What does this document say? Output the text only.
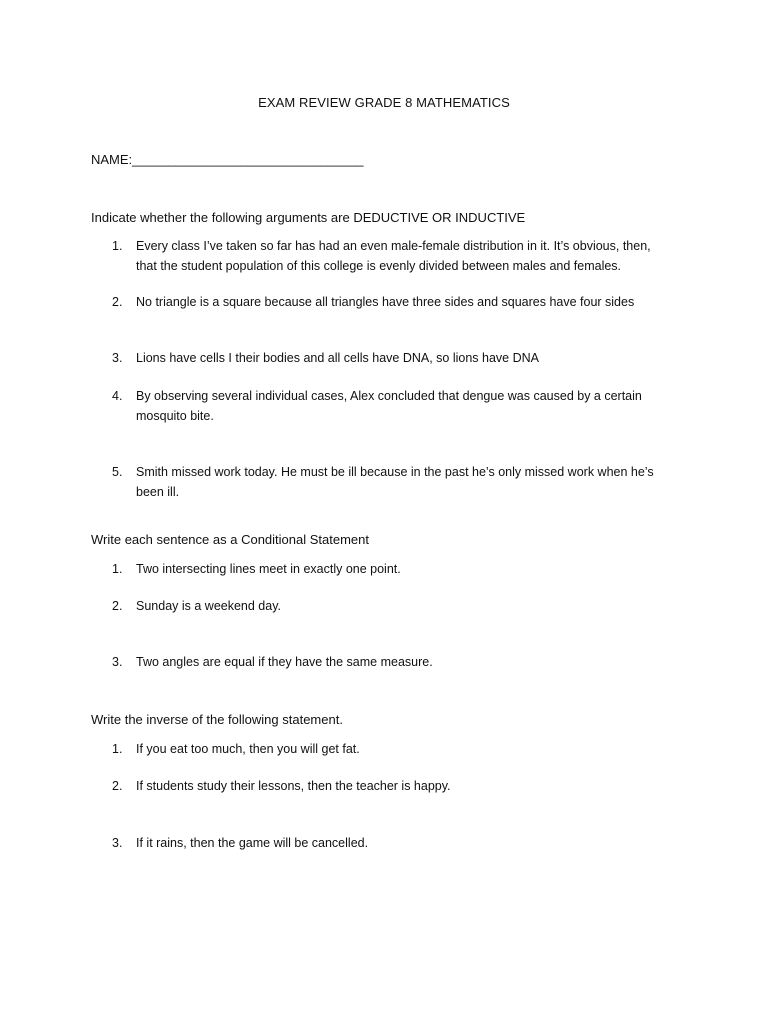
EXAM REVIEW GRADE 8 MATHEMATICS
NAME:________________________________
Indicate whether the following arguments are DEDUCTIVE OR INDUCTIVE
1. Every class I’ve taken so far has had an even male-female distribution in it. It’s obvious, then, that the student population of this college is evenly divided between males and females.
2. No triangle is a square because all triangles have three sides and squares have four sides
3. Lions have cells I their bodies and all cells have DNA, so lions have DNA
4. By observing several individual cases, Alex concluded that dengue was caused by a certain mosquito bite.
5. Smith missed work today. He must be ill because in the past he’s only missed work when he’s been ill.
Write each sentence as a Conditional Statement
1. Two intersecting lines meet in exactly one point.
2. Sunday is a weekend day.
3. Two angles are equal if they have the same measure.
Write the inverse of the following statement.
1. If you eat too much, then you will get fat.
2. If students study their lessons, then the teacher is happy.
3. If it rains, then the game will be cancelled.
